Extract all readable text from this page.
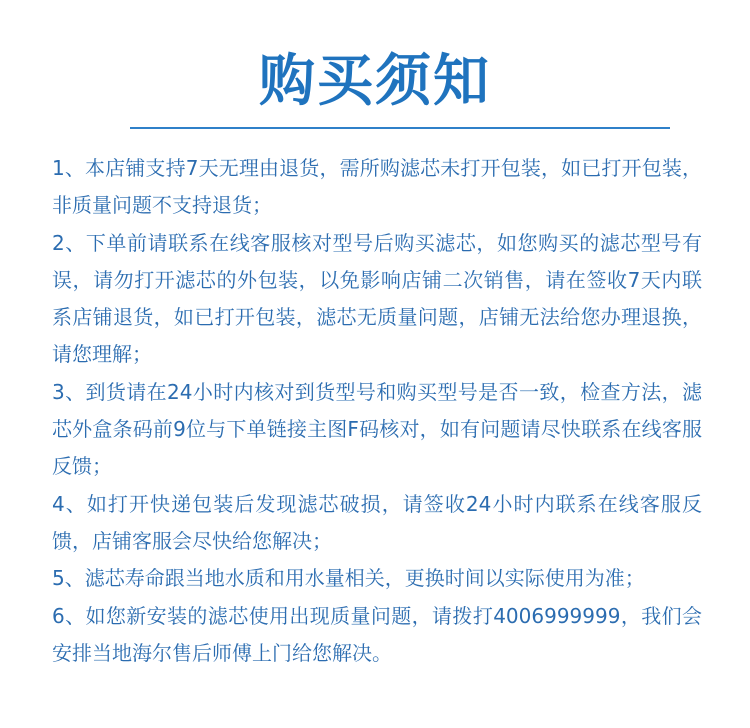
购买须知

1、本店铺支持7天无理由退货，需所购滤芯未打开包装，如已打开包装，非质量问题不支持退货；

2、下单前请联系在线客服核对型号后购买滤芯，如您购买的滤芯型号有误，请勿打开滤芯的外包装，以免影响店铺二次销售，请在签收7天内联系店铺退货，如已打开包装，滤芯无质量问题，店铺无法给您办理退换，请您理解；

3、到货请在24小时内核对到货型号和购买型号是否一致，检查方法，滤芯外盒条码前9位与下单链接主图F码核对，如有问题请尽快联系在线客服反馈；

4、如打开快递包装后发现滤芯破损，请签收24小时内联系在线客服反馈，店铺客服会尽快给您解决；

5、滤芯寿命跟当地水质和用水量相关，更换时间以实际使用为准；

6、如您新安装的滤芯使用出现质量问题，请拨打4006999999，我们会安排当地海尔售后师傅上门给您解决。
